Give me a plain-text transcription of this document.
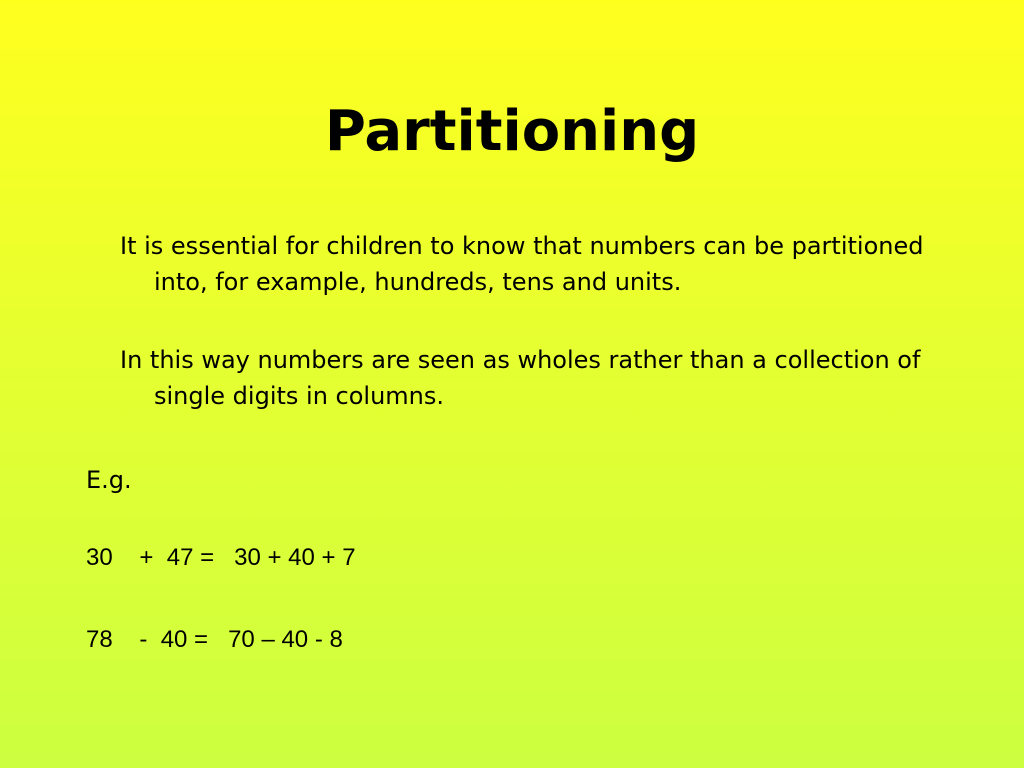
Partitioning
It is essential for children to know that numbers can be partitioned into, for example, hundreds, tens and units.
In this way numbers are seen as wholes rather than a collection of single digits in columns.
E.g.
30    +  47 =   30 + 40 + 7
78    -  40 =   70 – 40 - 8
